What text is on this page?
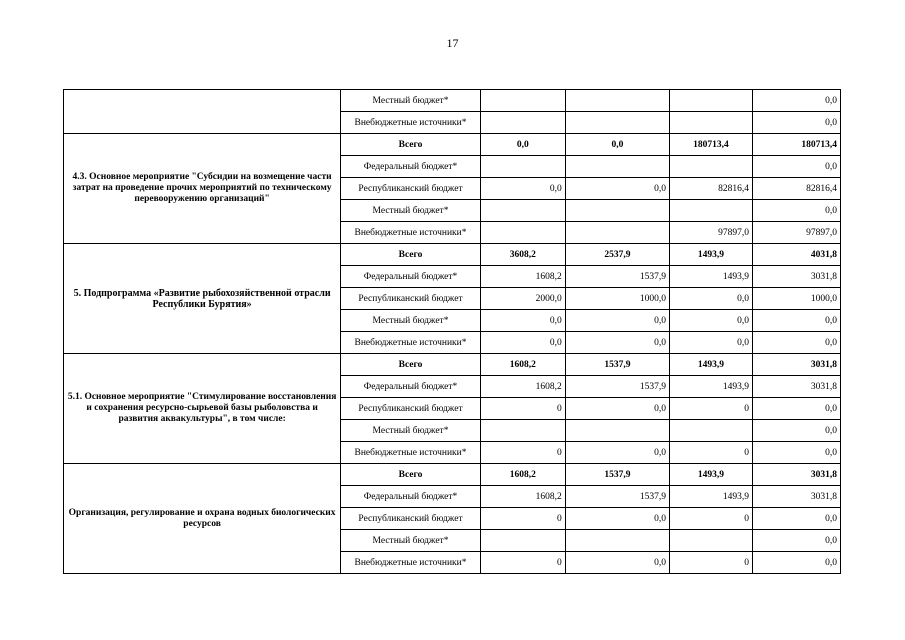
17
	Местный бюджет*				0,0
	Внебюджетные источники*				0,0
4.3. Основное мероприятие "Субсидии на возмещение части затрат на проведение прочих мероприятий по техническому перевооружению организаций"	Всего	0,0	0,0	180713,4	180713,4
	Федеральный бюджет*				0,0
	Республиканский бюджет	0,0	0,0	82816,4	82816,4
	Местный бюджет*				0,0
	Внебюджетные источники*			97897,0	97897,0
5. Подпрограмма «Развитие рыбохозяйственной отрасли Республики Бурятия»	Всего	3608,2	2537,9	1493,9	4031,8
	Федеральный бюджет*	1608,2	1537,9	1493,9	3031,8
	Республиканский бюджет	2000,0	1000,0	0,0	1000,0
	Местный бюджет*	0,0	0,0	0,0	0,0
	Внебюджетные источники*	0,0	0,0	0,0	0,0
5.1. Основное мероприятие "Стимулирование восстановления и сохранения ресурсно-сырьевой базы рыболовства и развития аквакультуры", в том числе:	Всего	1608,2	1537,9	1493,9	3031,8
	Федеральный бюджет*	1608,2	1537,9	1493,9	3031,8
	Республиканский бюджет	0	0,0	0	0,0
	Местный бюджет*				0,0
	Внебюджетные источники*	0	0,0	0	0,0
Организация, регулирование и охрана водных биологических ресурсов	Всего	1608,2	1537,9	1493,9	3031,8
	Федеральный бюджет*	1608,2	1537,9	1493,9	3031,8
	Республиканский бюджет	0	0,0	0	0,0
	Местный бюджет*				0,0
	Внебюджетные источники*	0	0,0	0	0,0
